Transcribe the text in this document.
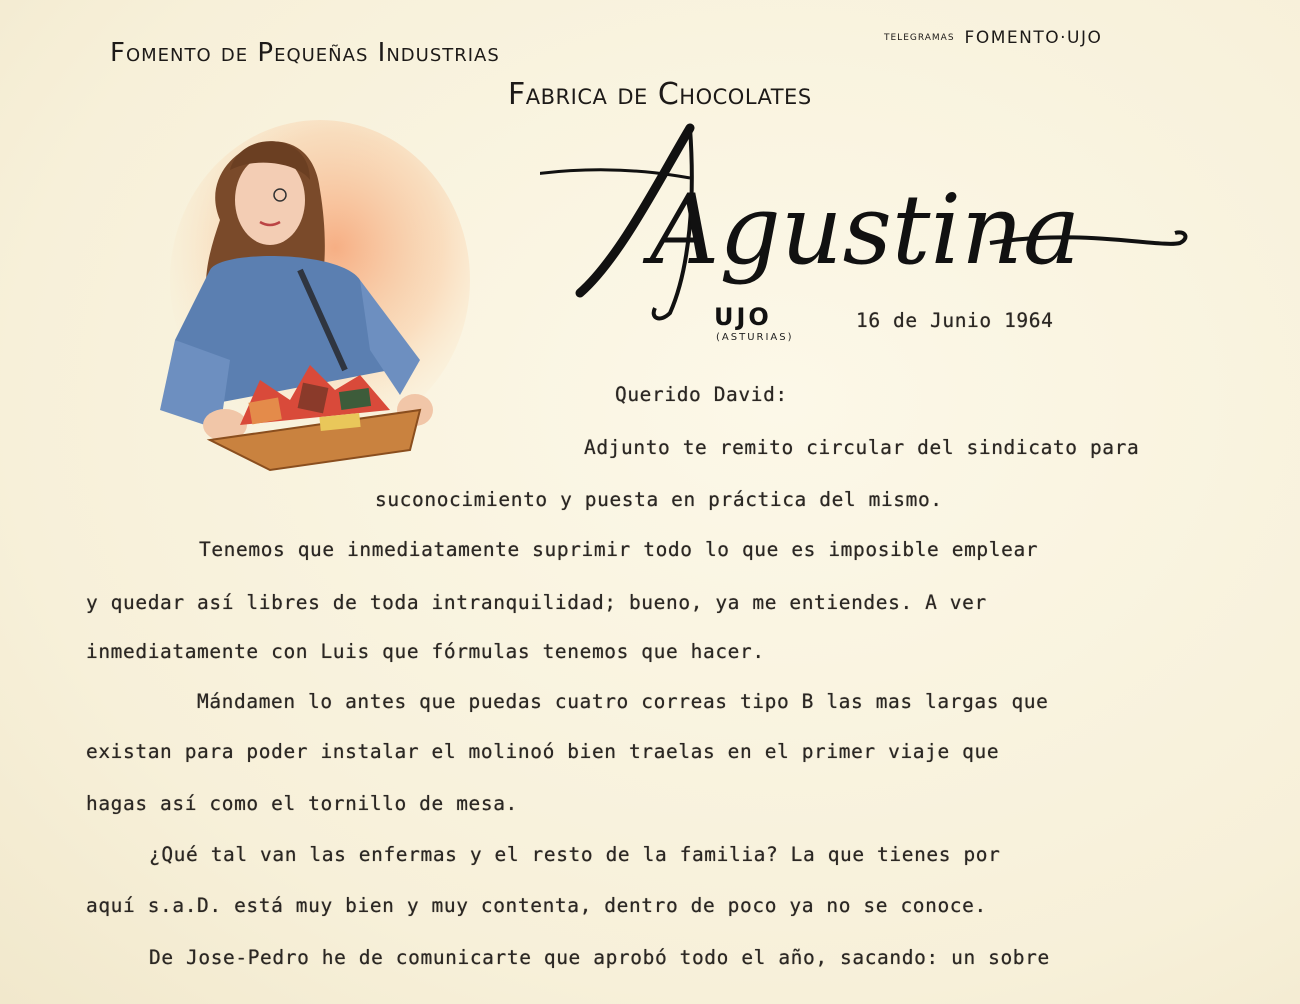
Fomento de Pequeñas Industrias	TELEGRAMAS FOMENTO·UJO
Fabrica de Chocolates
Agustina
UJO
(ASTURIAS)
16 de Junio 1964
Querido David:
Adjunto te remito circular del sindicato para
suconocimiento y puesta en práctica del mismo.
Tenemos que inmediatamente suprimir todo lo que es imposible emplear
y quedar así libres de toda intranquilidad; bueno, ya me entiendes. A ver
inmediatamente con Luis que fórmulas tenemos que hacer.
Mándamen lo antes que puedas cuatro correas tipo B las mas largas que
existan para poder instalar el molinoó bien traelas en el primer viaje que
hagas así como el tornillo de mesa.
¿Qué tal van las enfermas y el resto de la familia? La que tienes por
aquí s.a.D. está muy bien y muy contenta, dentro de poco ya no se conoce.
De Jose-Pedro he de comunicarte que aprobó todo el año, sacando: un sobre
